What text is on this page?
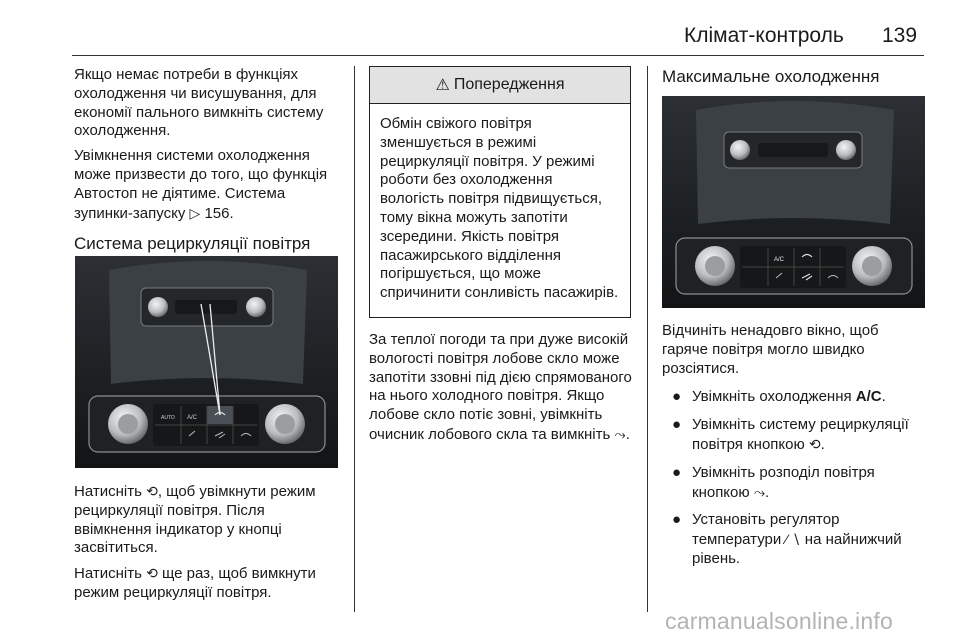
Клімат-контроль 139

Якщо немає потреби в функціях охолодження чи висушування, для економії пального вимкніть систему охолодження.

Увімкнення системи охолодження може призвести до того, що функція Автостоп не діятиме. Система зупинки-запуску ▷ 156.

Система рециркуляції повітря
A/C
AUTO

Натисніть ⟲, щоб увімкнути режим рециркуляції повітря. Після ввімкнення індикатор у кнопці засвітиться.

Натисніть ⟲ ще раз, щоб вимкнути режим рециркуляції повітря.

⚠ Попередження
Обмін свіжого повітря зменшується в режимі рециркуляції повітря. У режимі роботи без охолодження вологість повітря підвищується, тому вікна можуть запотіти зсередини. Якість повітря пасажирського відділення погіршується, що може спричинити сонливість пасажирів.

За теплої погоди та при дуже високій вологості повітря лобове скло може запотіти ззовні під дією спрямованого на нього холодного повітря. Якщо лобове скло потіє зовні, увімкніть очисник лобового скла та вимкніть ⤳.

Максимальне охолодження
A/C

Відчиніть ненадовго вікно, щоб гаряче повітря могло швидко розсіятися.

● Увімкніть охолодження A/C.
● Увімкніть систему рециркуляції повітря кнопкою ⟲.
● Увімкніть розподіл повітря кнопкою ⤳.
● Установіть регулятор температури ⁄ ∖ на найнижчий рівень.
carmanualsonline.info
